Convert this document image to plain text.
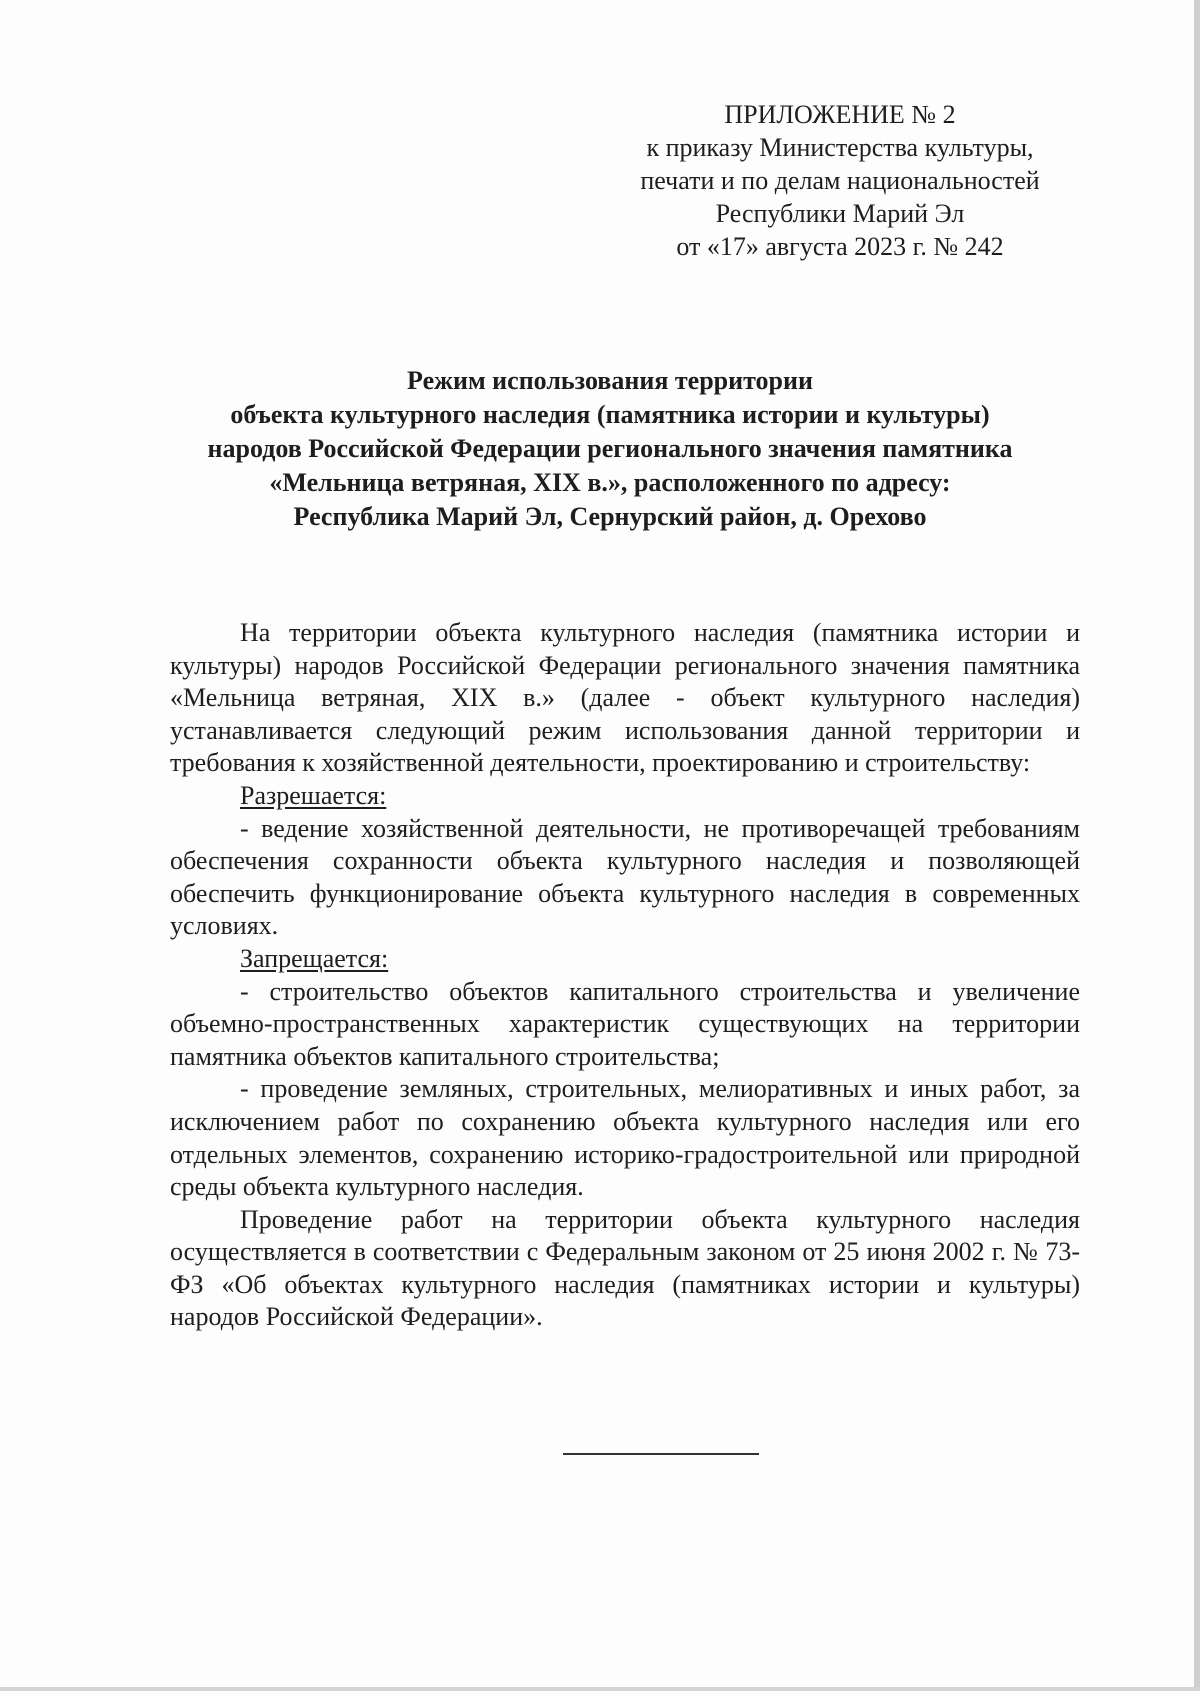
ПРИЛОЖЕНИЕ № 2
к приказу Министерства культуры,
печати и по делам национальностей
Республики Марий Эл
от «17» августа 2023 г. № 242
Режим использования территории
объекта культурного наследия (памятника истории и культуры)
народов Российской Федерации регионального значения памятника
«Мельница ветряная, XIX в.», расположенного по адресу:
Республика Марий Эл, Сернурский район, д. Орехово

На территории объекта культурного наследия (памятника истории и культуры) народов Российской Федерации регионального значения памятника «Мельница ветряная, XIX в.» (далее - объект культурного наследия) устанавливается следующий режим использования данной территории и требования к хозяйственной деятельности, проектированию и строительству:

Разрешается:

- ведение хозяйственной деятельности, не противоречащей требованиям обеспечения сохранности объекта культурного наследия и позволяющей обеспечить функционирование объекта культурного наследия в современных условиях.

Запрещается:

- строительство объектов капитального строительства и увеличение объемно-пространственных характеристик существующих на территории памятника объектов капитального строительства;

- проведение земляных, строительных, мелиоративных и иных работ, за исключением работ по сохранению объекта культурного наследия или его отдельных элементов, сохранению историко-градостроительной или природной среды объекта культурного наследия.

Проведение работ на территории объекта культурного наследия осуществляется в соответствии с Федеральным законом от 25 июня 2002 г. № 73-ФЗ «Об объектах культурного наследия (памятниках истории и культуры) народов Российской Федерации».
